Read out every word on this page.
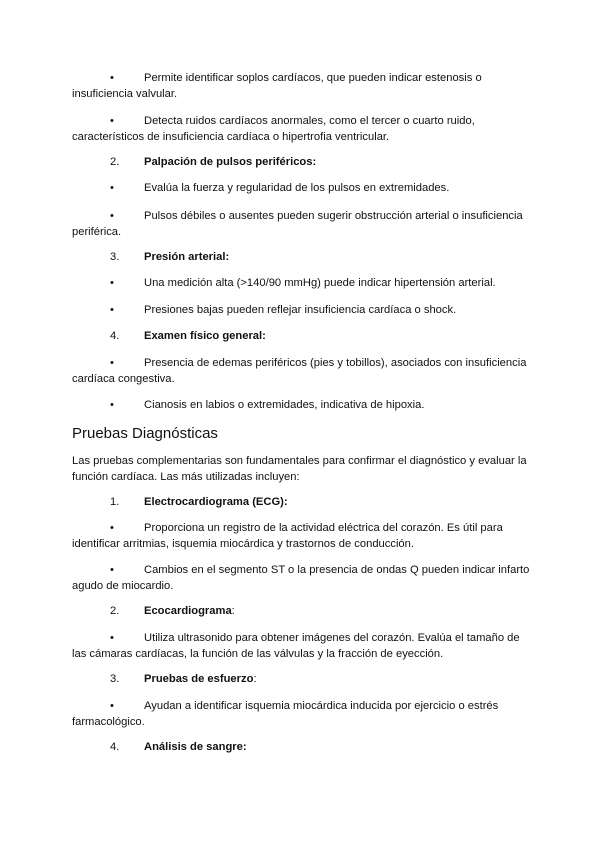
•	Permite identificar soplos cardíacos, que pueden indicar estenosis o insuficiencia valvular.
•	Detecta ruidos cardíacos anormales, como el tercer o cuarto ruido, característicos de insuficiencia cardíaca o hipertrofia ventricular.
2. Palpación de pulsos periféricos:
•	Evalúa la fuerza y regularidad de los pulsos en extremidades.
•	Pulsos débiles o ausentes pueden sugerir obstrucción arterial o insuficiencia periférica.
3. Presión arterial:
•	Una medición alta (>140/90 mmHg) puede indicar hipertensión arterial.
•	Presiones bajas pueden reflejar insuficiencia cardíaca o shock.
4. Examen físico general:
•	Presencia de edemas periféricos (pies y tobillos), asociados con insuficiencia cardíaca congestiva.
•	Cianosis en labios o extremidades, indicativa de hipoxia.
Pruebas Diagnósticas
Las pruebas complementarias son fundamentales para confirmar el diagnóstico y evaluar la función cardíaca. Las más utilizadas incluyen:
1. Electrocardiograma (ECG):
•	Proporciona un registro de la actividad eléctrica del corazón. Es útil para identificar arritmias, isquemia miocárdica y trastornos de conducción.
•	Cambios en el segmento ST o la presencia de ondas Q pueden indicar infarto agudo de miocardio.
2. Ecocardiograma:
•	Utiliza ultrasonido para obtener imágenes del corazón. Evalúa el tamaño de las cámaras cardíacas, la función de las válvulas y la fracción de eyección.
3. Pruebas de esfuerzo:
•	Ayudan a identificar isquemia miocárdica inducida por ejercicio o estrés farmacológico.
4. Análisis de sangre:
